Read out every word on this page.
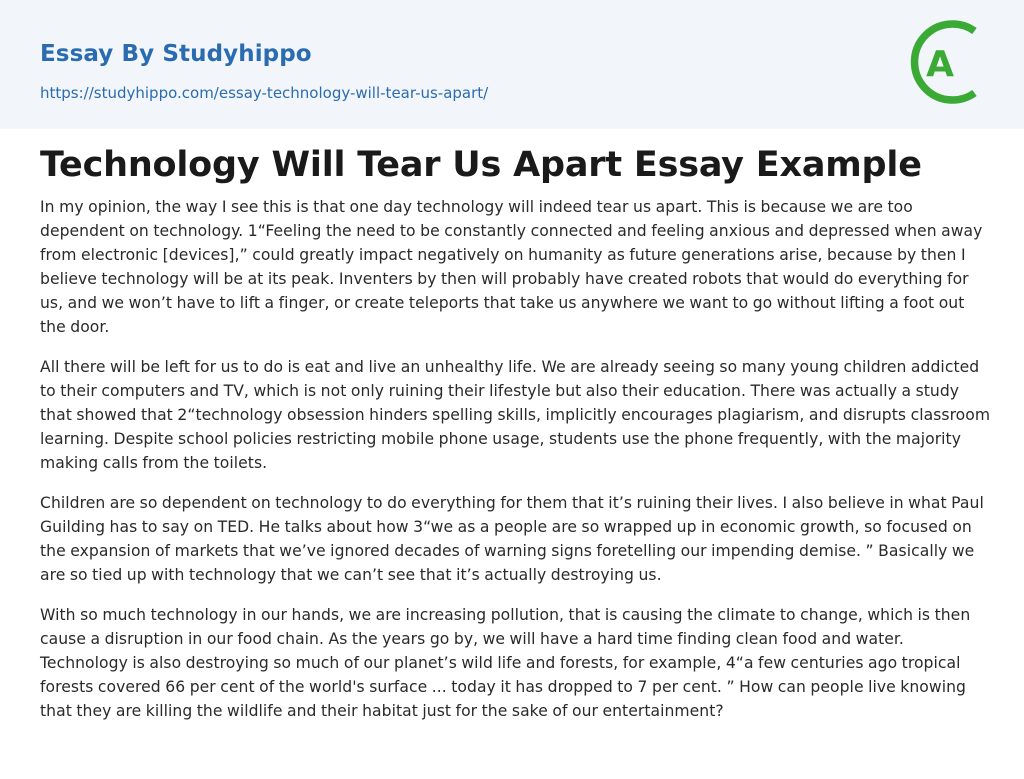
Essay By Studyhippo
https://studyhippo.com/essay-technology-will-tear-us-apart/
A
Technology Will Tear Us Apart Essay Example

In my opinion, the way I see this is that one day technology will indeed tear us apart. This is because we are too dependent on technology. 1“Feeling the need to be constantly connected and feeling anxious and depressed when away from electronic [devices],” could greatly impact negatively on humanity as future generations arise, because by then I believe technology will be at its peak. Inventers by then will probably have created robots that would do everything for us, and we won’t have to lift a finger, or create teleports that take us anywhere we want to go without lifting a foot out the door.

All there will be left for us to do is eat and live an unhealthy life. We are already seeing so many young children addicted to their computers and TV, which is not only ruining their lifestyle but also their education. There was actually a study that showed that 2“technology obsession hinders spelling skills, implicitly encourages plagiarism, and disrupts classroom learning. Despite school policies restricting mobile phone usage, students use the phone frequently, with the majority making calls from the toilets.

Children are so dependent on technology to do everything for them that it’s ruining their lives. I also believe in what Paul Guilding has to say on TED. He talks about how 3“we as a people are so wrapped up in economic growth, so focused on the expansion of markets that we’ve ignored decades of warning signs foretelling our impending demise. ” Basically we are so tied up with technology that we can’t see that it’s actually destroying us.

With so much technology in our hands, we are increasing pollution, that is causing the climate to change, which is then cause a disruption in our food chain. As the years go by, we will have a hard time finding clean food and water. Technology is also destroying so much of our planet’s wild life and forests, for example, 4“a few centuries ago tropical forests covered 66 per cent of the world's surface ... today it has dropped to 7 per cent. ” How can people live knowing that they are killing the wildlife and their habitat just for the sake of our entertainment?
